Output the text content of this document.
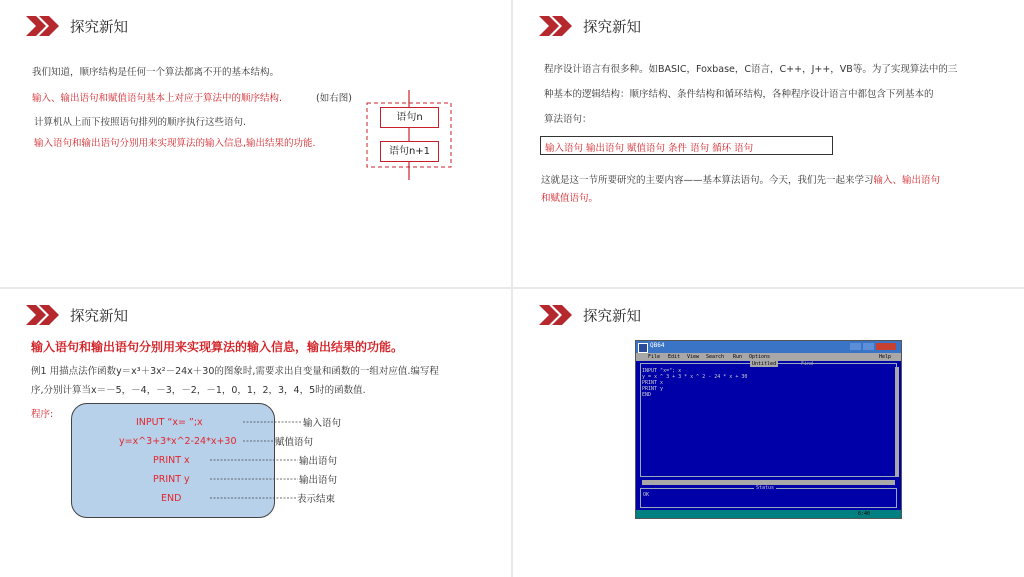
探究新知
我们知道，顺序结构是任何一个算法都离不开的基本结构。
输入、输出语句和赋值语句基本上对应于算法中的顺序结构.	(如右图)
计算机从上而下按照语句排列的顺序执行这些语句.
输入语句和输出语句分别用来实现算法的输入信息,输出结果的功能.
语句n
语句n+1
探究新知
程序设计语言有很多种。如BASIC，Foxbase，C语言，C++，J++，VB等。为了实现算法中的三
种基本的逻辑结构：顺序结构、条件结构和循环结构，各种程序设计语言中都包含下列基本的
算法语句：
输入语句 输出语句 赋值语句 条件 语句 循环 语句
这就是这一节所要研究的主要内容——基本算法语句。今天，我们先一起来学习输入、输出语句
和赋值语句。
探究新知
输入语句和输出语句分别用来实现算法的输入信息，输出结果的功能。
例1 用描点法作函数y＝x³＋3x²－24x＋30的图象时,需要求出自变量和函数的一组对应值.编写程
序,分别计算当x＝－5，－4，－3，－2，－1，0，1，2，3，4，5时的函数值.
程序:
INPUT “x= ”;x
y=x^3+3*x^2-24*x+30
PRINT x
PRINT y
END
输入语句
赋值语句
输出语句
输出语句
表示结束
探究新知
QB64
File Edit View Search Run Options	Help
Untitled	Find
INPUT "x="; x
y = x ^ 3 + 3 * x ^ 2 - 24 * x + 30
PRINT x
PRINT y
END
Status
OK
6:40
